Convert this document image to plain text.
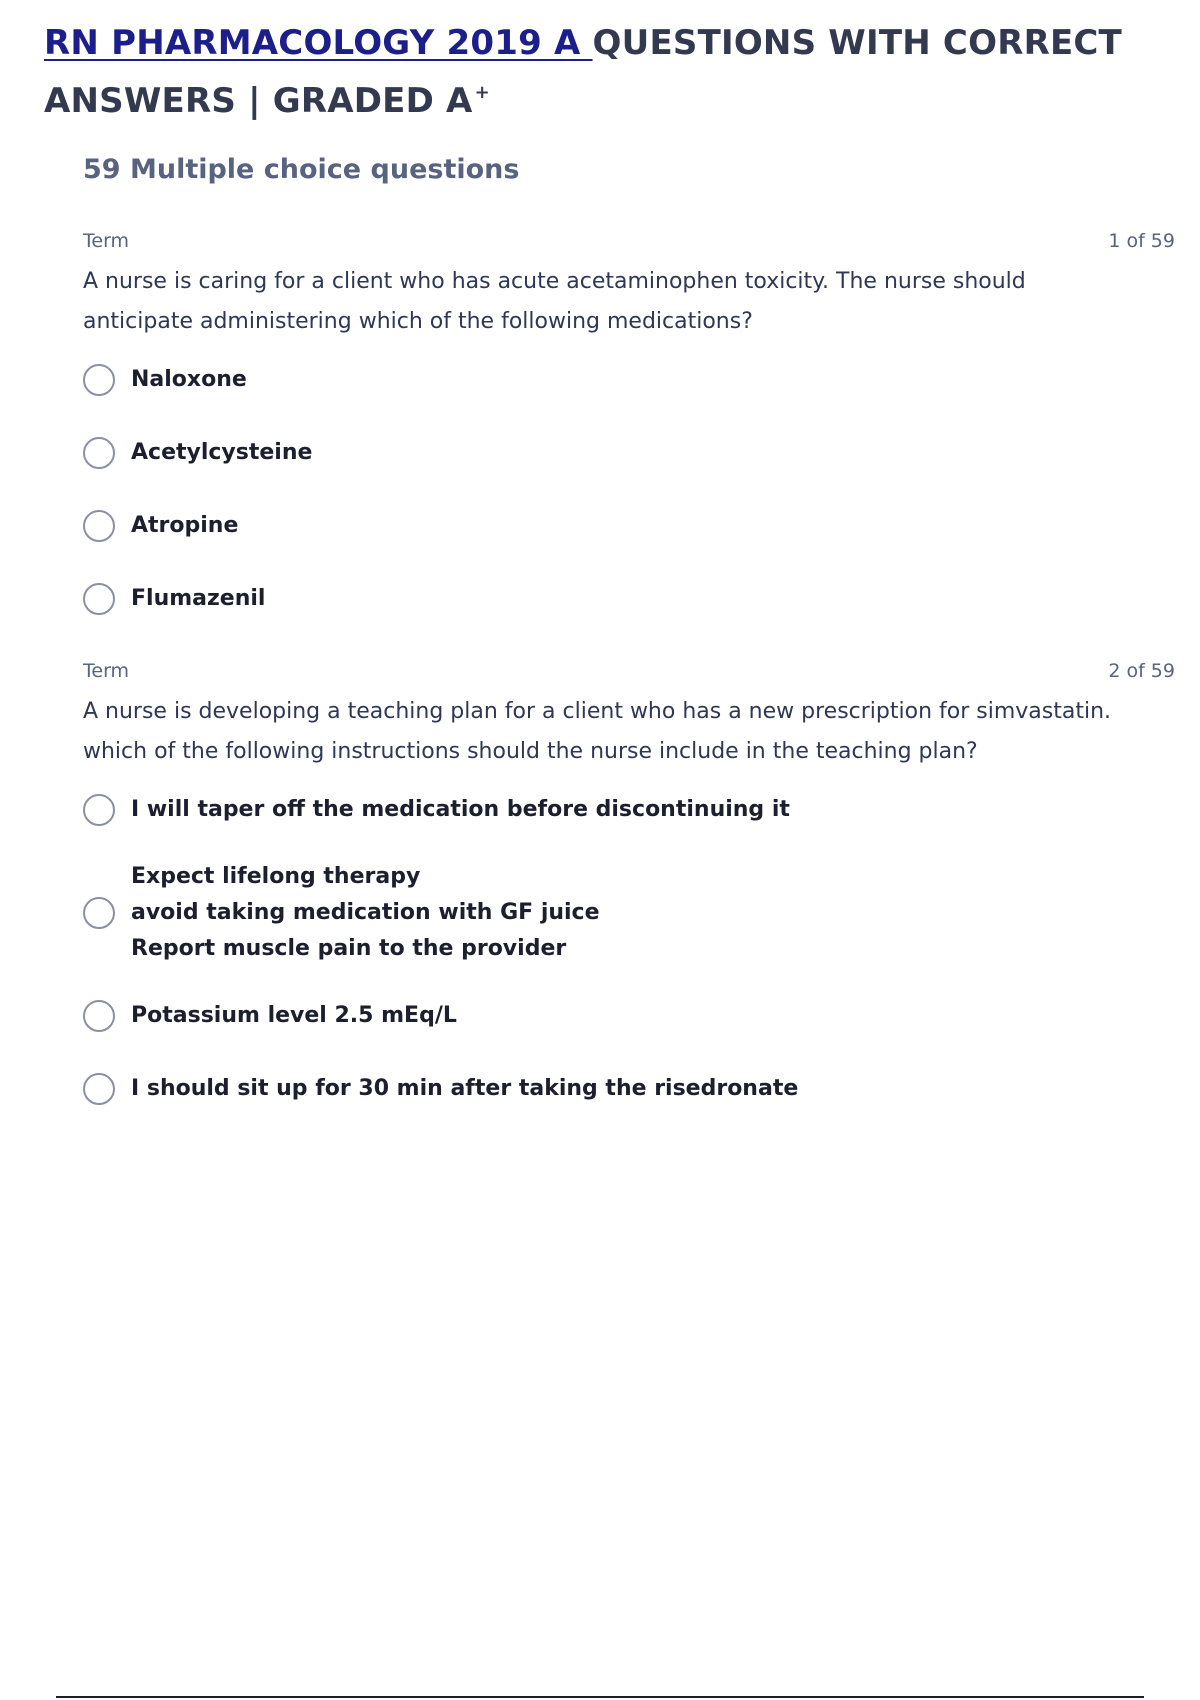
RN PHARMACOLOGY 2019 A QUESTIONS WITH CORRECT ANSWERS | GRADED A +
59 Multiple choice questions
Term	1 of 59

A nurse is caring for a client who has acute acetaminophen toxicity. The nurse should anticipate administering which of the following medications?

Naloxone
Acetylcysteine
Atropine
Flumazenil
Term	2 of 59

A nurse is developing a teaching plan for a client who has a new prescription for simvastatin. which of the following instructions should the nurse include in the teaching plan?

I will taper off the medication before discontinuing it
Expect lifelong therapy
avoid taking medication with GF juice
Report muscle pain to the provider
Potassium level 2.5 mEq/L
I should sit up for 30 min after taking the risedronate
